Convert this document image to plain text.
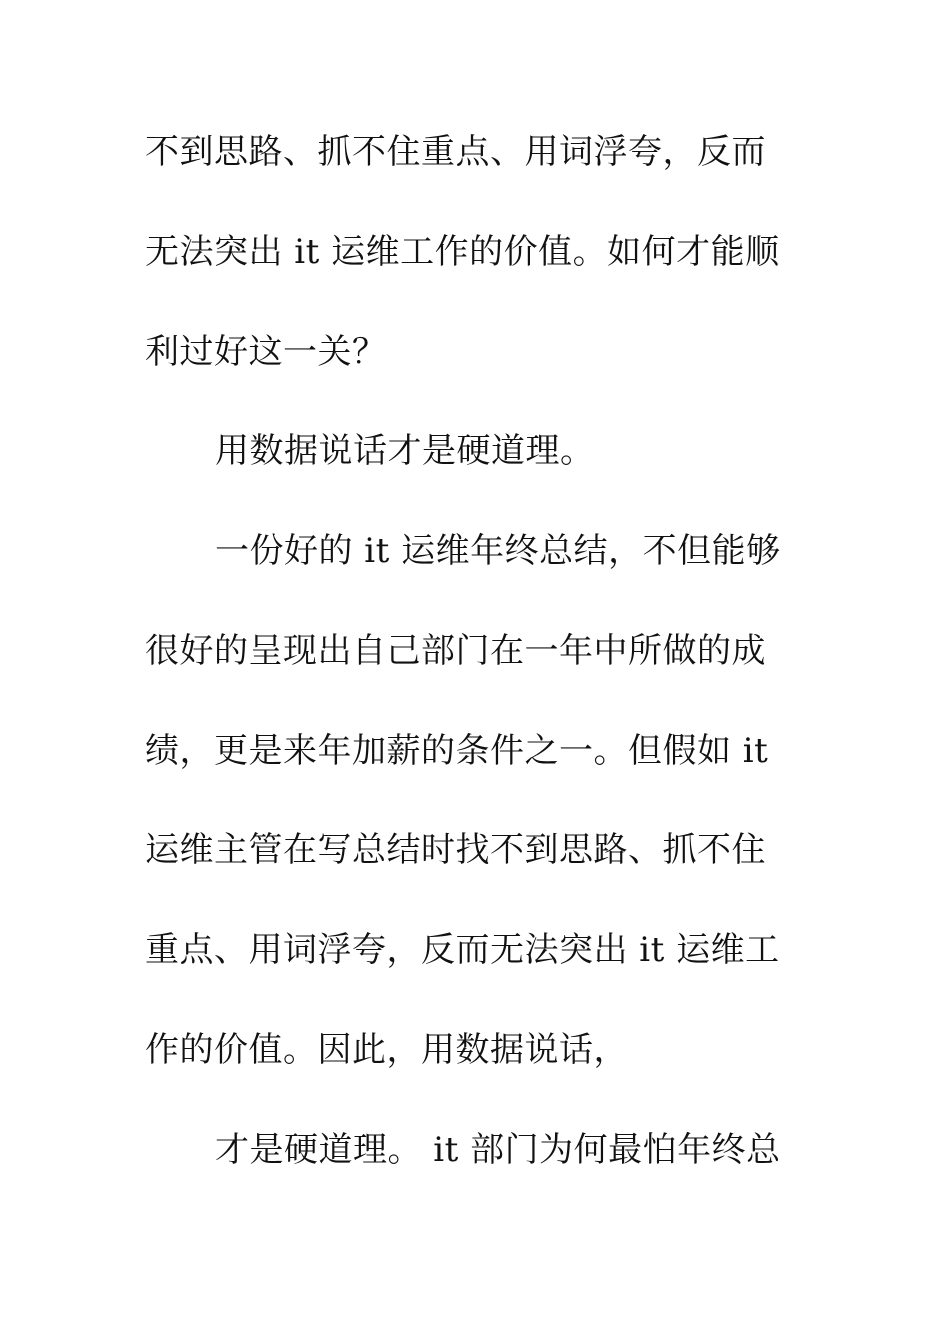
不到思路、抓不住重点、用词浮夸，反而
无法突出 it 运维工作的价值。如何才能顺
利过好这一关？
用数据说话才是硬道理。
一份好的 it 运维年终总结，不但能够
很好的呈现出自己部门在一年中所做的成
绩，更是来年加薪的条件之一。但假如 it
运维主管在写总结时找不到思路、抓不住
重点、用词浮夸，反而无法突出 it 运维工
作的价值。因此，用数据说话，
才是硬道理。 it 部门为何最怕年终总
